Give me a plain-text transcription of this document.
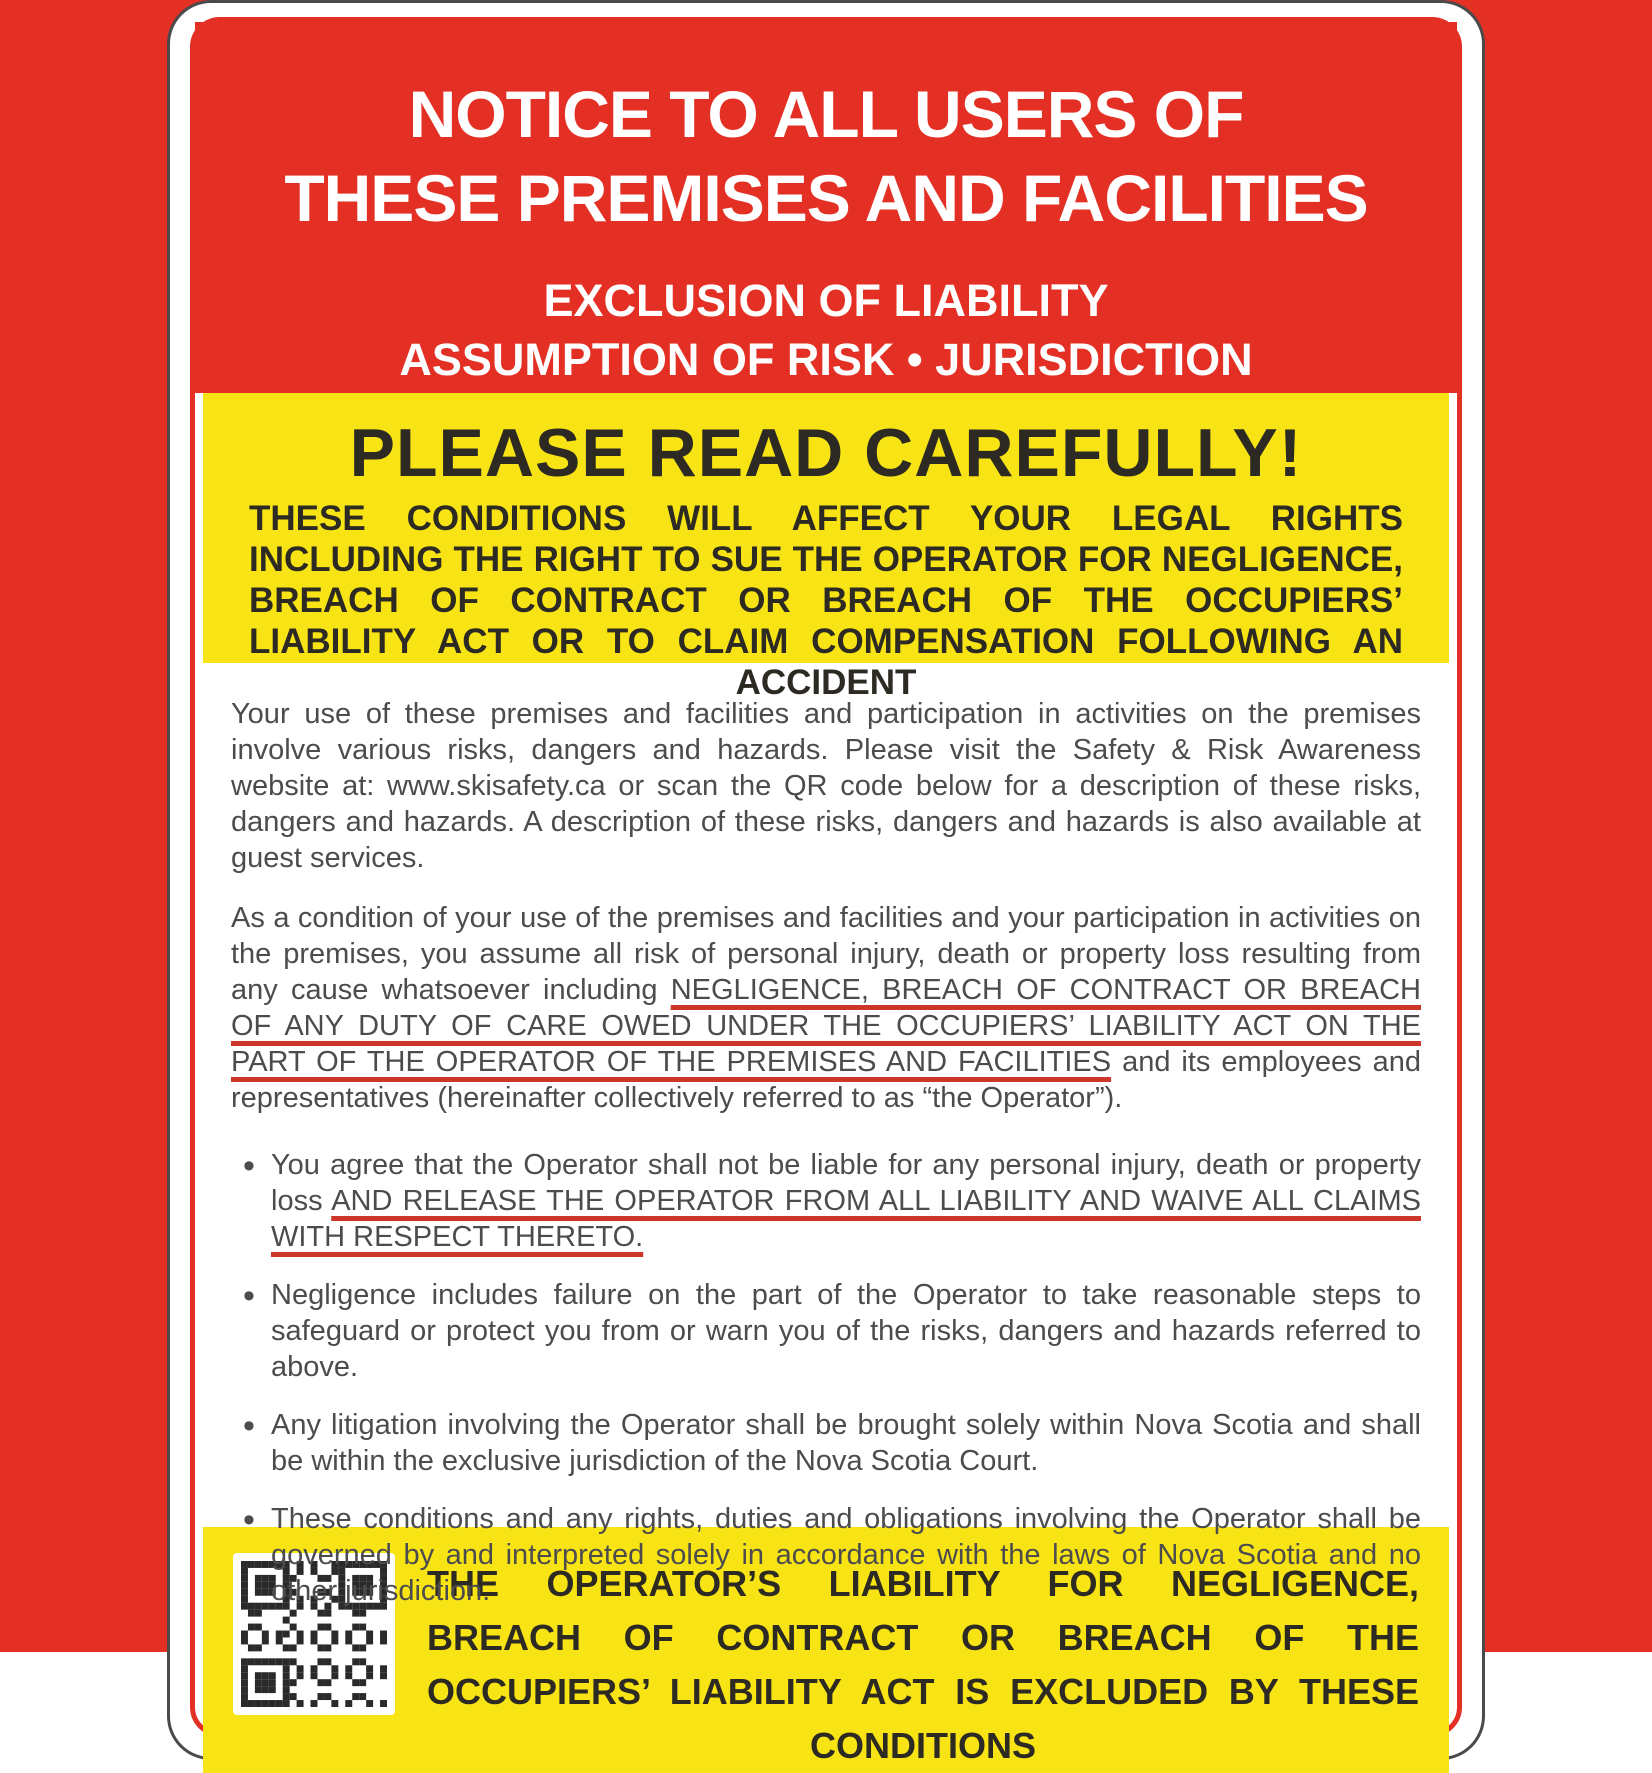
NOTICE TO ALL USERS OF
THESE PREMISES AND FACILITIES
EXCLUSION OF LIABILITY
ASSUMPTION OF RISK • JURISDICTION
PLEASE READ CAREFULLY!
THESE CONDITIONS WILL AFFECT YOUR LEGAL RIGHTS INCLUDING THE RIGHT TO SUE THE OPERATOR FOR NEGLIGENCE, BREACH OF CONTRACT OR BREACH OF THE OCCUPIERS’ LIABILITY ACT OR TO CLAIM COMPENSATION FOLLOWING AN ACCIDENT

Your use of these premises and facilities and participation in activities on the premises involve various risks, dangers and hazards. Please visit the Safety & Risk Awareness website at: www.skisafety.ca or scan the QR code below for a description of these risks, dangers and hazards. A description of these risks, dangers and hazards is also available at guest services.

As a condition of your use of the premises and facilities and your participation in activities on the premises, you assume all risk of personal injury, death or property loss resulting from any cause whatsoever including NEGLIGENCE, BREACH OF CONTRACT OR BREACH OF ANY DUTY OF CARE OWED UNDER THE OCCUPIERS’ LIABILITY ACT ON THE PART OF THE OPERATOR OF THE PREMISES AND FACILITIES and its employees and representatives (hereinafter collectively referred to as “the Operator”).

• You agree that the Operator shall not be liable for any personal injury, death or property loss AND RELEASE THE OPERATOR FROM ALL LIABILITY AND WAIVE ALL CLAIMS WITH RESPECT THERETO.
• Negligence includes failure on the part of the Operator to take reasonable steps to safeguard or protect you from or warn you of the risks, dangers and hazards referred to above.
• Any litigation involving the Operator shall be brought solely within Nova Scotia and shall be within the exclusive jurisdiction of the Nova Scotia Court.
• These conditions and any rights, duties and obligations involving the Operator shall be governed by and interpreted solely in accordance with the laws of Nova Scotia and no other jurisdiction.
THE OPERATOR’S LIABILITY FOR NEGLIGENCE, BREACH OF CONTRACT OR BREACH OF THE OCCUPIERS’ LIABILITY ACT IS EXCLUDED BY THESE CONDITIONS
